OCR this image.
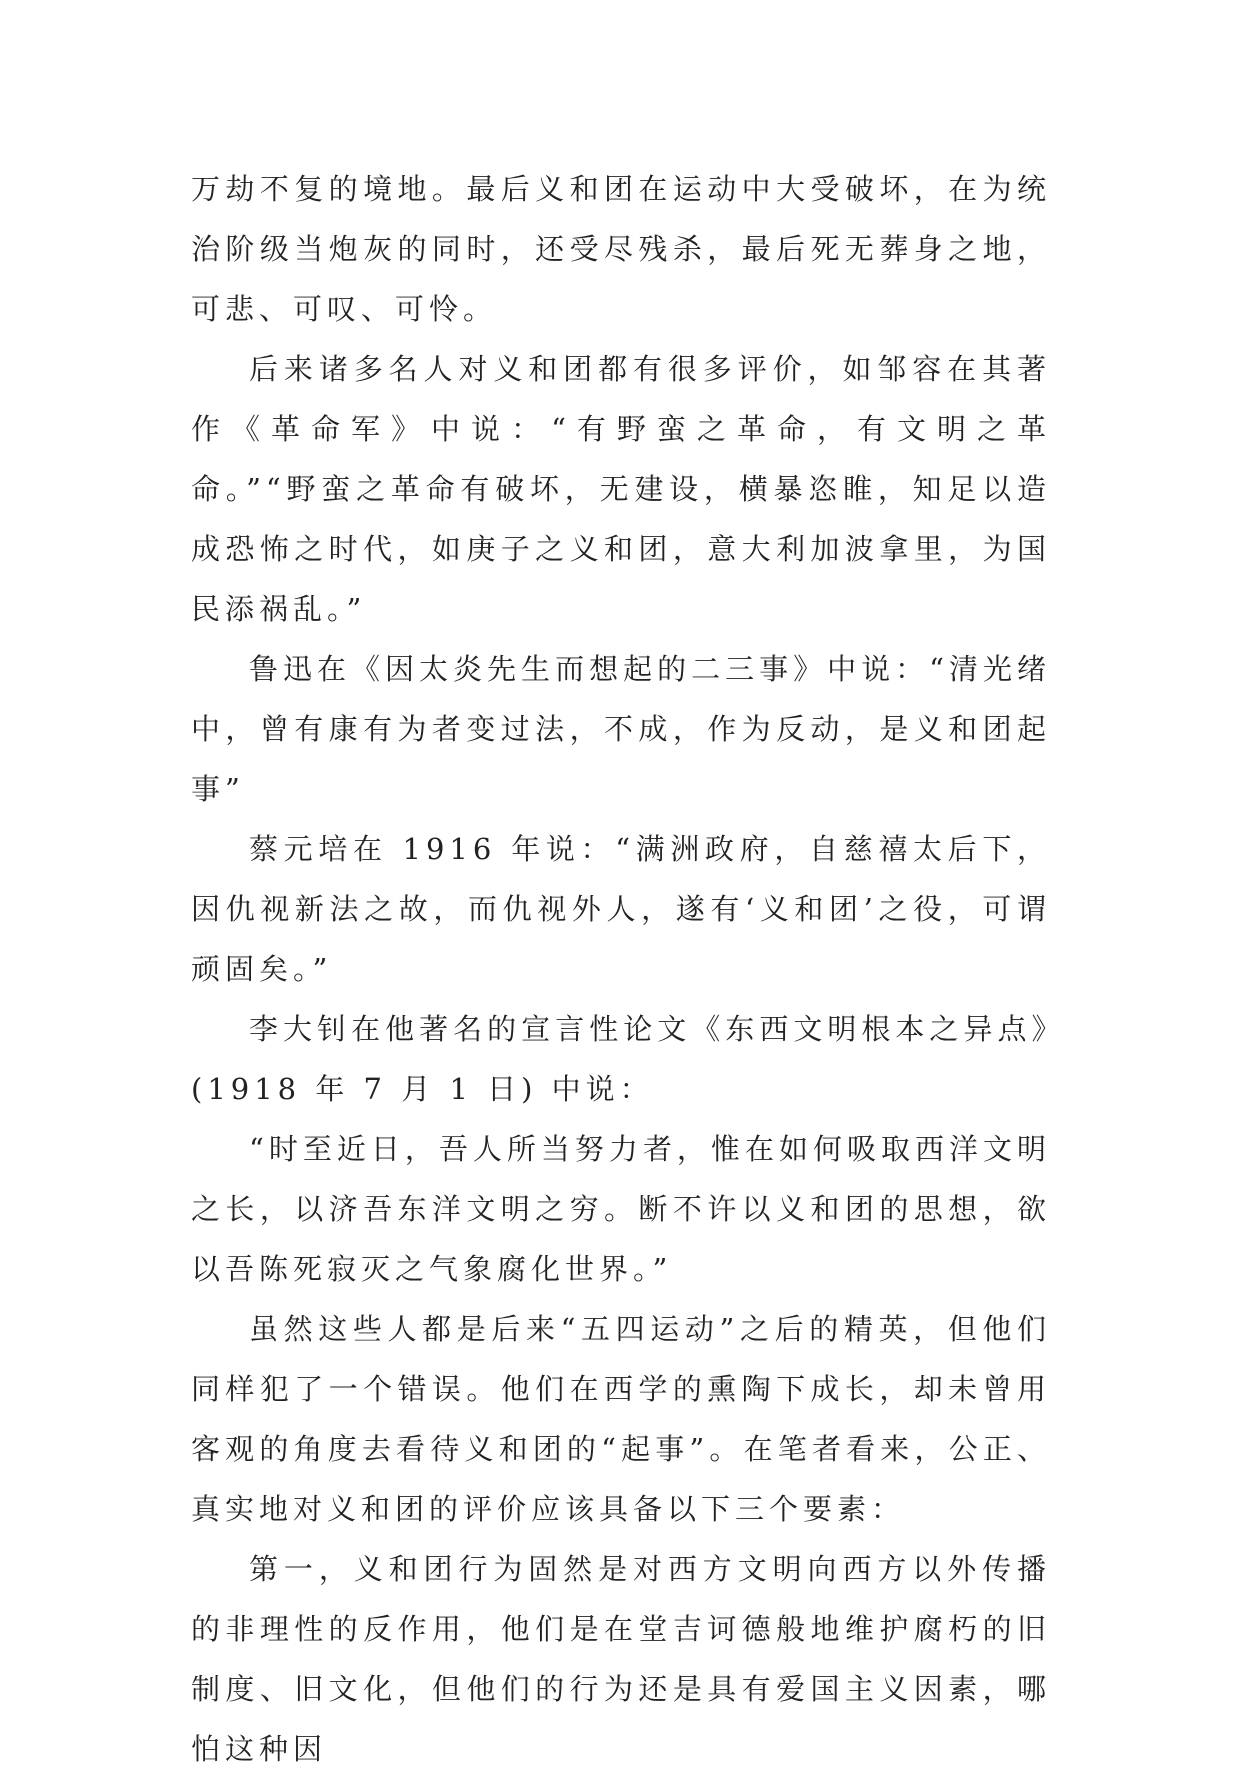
万劫不复的境地。最后义和团在运动中大受破坏，在为统治阶级当炮灰的同时，还受尽残杀，最后死无葬身之地，可悲、可叹、可怜。

后来诸多名人对义和团都有很多评价，如邹容在其著作《革命军》中说：“有野蛮之革命，有文明之革命。”“野蛮之革命有破坏，无建设，横暴恣睢，知足以造成恐怖之时代，如庚子之义和团，意大利加波拿里，为国民添祸乱。”

鲁迅在《因太炎先生而想起的二三事》中说：“清光绪中，曾有康有为者变过法，不成，作为反动，是义和团起事”

蔡元培在 1916 年说：“满洲政府，自慈禧太后下，因仇视新法之故，而仇视外人，遂有‘义和团’之役，可谓顽固矣。”

李大钊在他著名的宣言性论文《东西文明根本之异点》(1918 年 7 月 1 日) 中说：

“时至近日，吾人所当努力者，惟在如何吸取西洋文明之长，以济吾东洋文明之穷。断不许以义和团的思想，欲以吾陈死寂灭之气象腐化世界。”

虽然这些人都是后来“五四运动”之后的精英，但他们同样犯了一个错误。他们在西学的熏陶下成长，却未曾用客观的角度去看待义和团的“起事”。在笔者看来，公正、真实地对义和团的评价应该具备以下三个要素：

第一，义和团行为固然是对西方文明向西方以外传播的非理性的反作用，他们是在堂吉诃德般地维护腐朽的旧制度、旧文化，但他们的行为还是具有爱国主义因素，哪怕这种因
